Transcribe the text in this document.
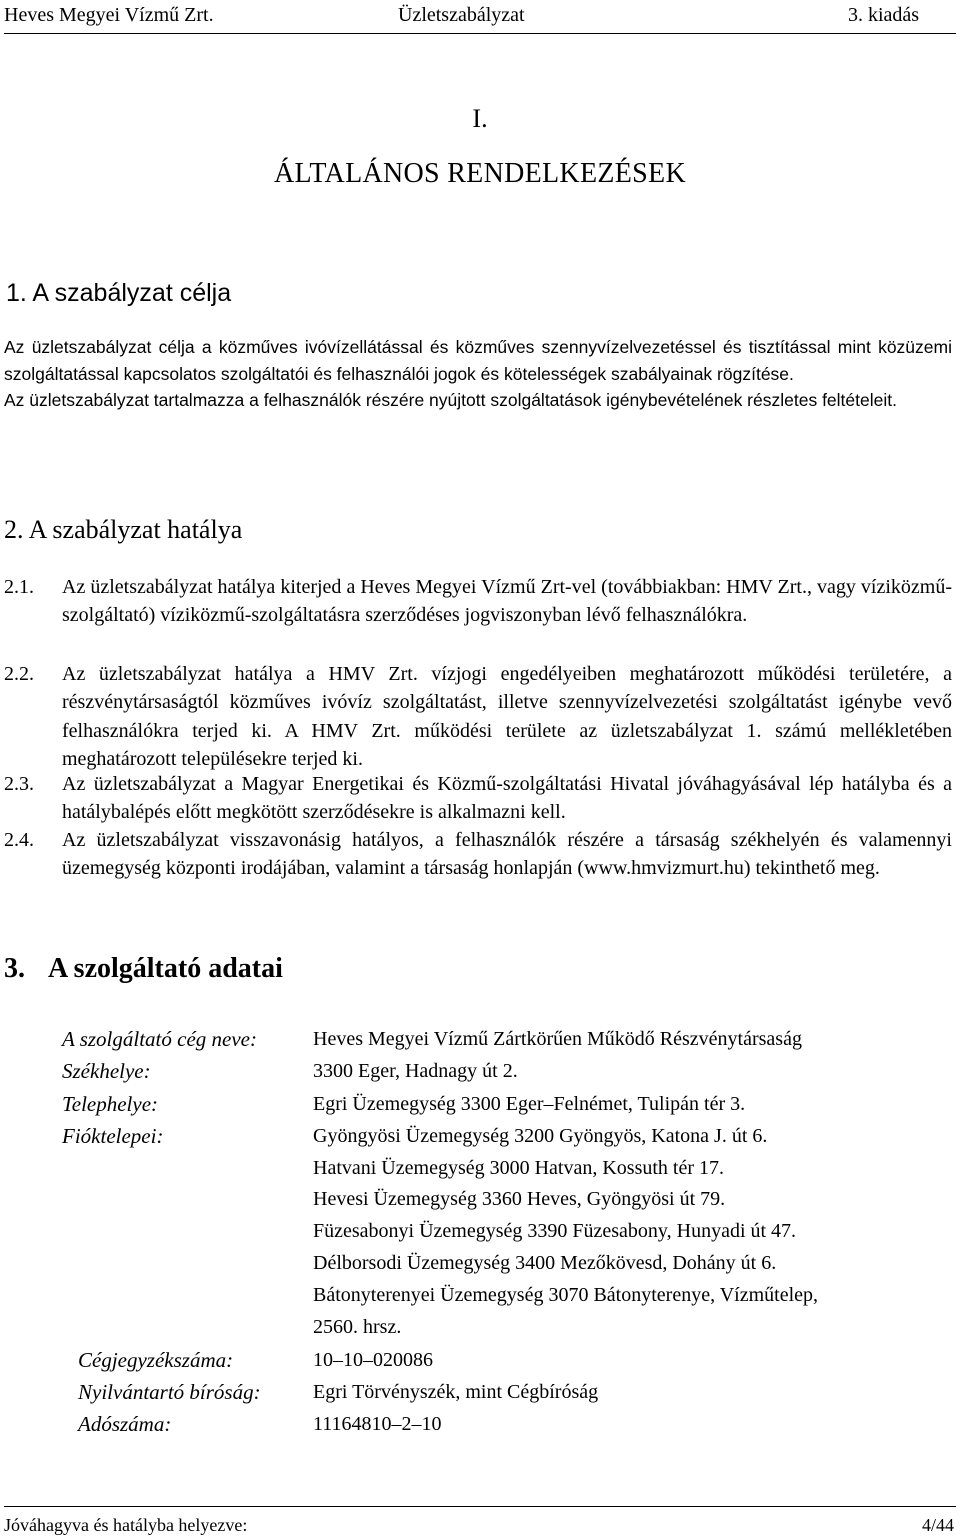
Heves Megyei Vízmű Zrt.	Üzletszabályzat	3. kiadás
I.
ÁLTALÁNOS RENDELKEZÉSEK
1. A szabályzat célja

Az üzletszabályzat célja a közműves ivóvízellátással és közműves szennyvízelvezetéssel és tisztítással mint közüzemi szolgáltatással kapcsolatos szolgáltatói és felhasználói jogok és kötelességek szabályainak rögzítése.

Az üzletszabályzat tartalmazza a felhasználók részére nyújtott szolgáltatások igénybevételének részletes feltételeit.

2. A szabályzat hatálya
2.1. Az üzletszabályzat hatálya kiterjed a Heves Megyei Vízmű Zrt-vel (továbbiakban: HMV Zrt., vagy víziközmű-szolgáltató) víziközmű-szolgáltatásra szerződéses jogviszonyban lévő felhasználókra.

2.2. Az üzletszabályzat hatálya a HMV Zrt. vízjogi engedélyeiben meghatározott működési területére, a részvénytársaságtól közműves ivóvíz szolgáltatást, illetve szennyvízelvezetési szolgáltatást igénybe vevő felhasználókra terjed ki. A HMV Zrt. működési területe az üzletszabályzat 1. számú mellékletében meghatározott településekre terjed ki.

2.3. Az üzletszabályzat a Magyar Energetikai és Közmű-szolgáltatási Hivatal jóváhagyásával lép hatályba és a hatálybalépés előtt megkötött szerződésekre is alkalmazni kell.

2.4. Az üzletszabályzat visszavonásig hatályos, a felhasználók részére a társaság székhelyén és valamennyi üzemegység központi irodájában, valamint a társaság honlapján (www.hmvizmurt.hu) tekinthető meg.

3. A szolgáltató adatai
A szolgáltató cég neve:	Heves Megyei Vízmű Zártkörűen Működő Részvénytársaság
Székhelye:	3300 Eger, Hadnagy út 2.
Telephelye:	Egri Üzemegység 3300 Eger–Felnémet, Tulipán tér 3.
Fióktelepei:	Gyöngyösi Üzemegység 3200 Gyöngyös, Katona J. út 6.
Hatvani Üzemegység 3000 Hatvan, Kossuth tér 17.
Hevesi Üzemegység 3360 Heves, Gyöngyösi út 79.
Füzesabonyi Üzemegység 3390 Füzesabony, Hunyadi út 47.
Délborsodi Üzemegység 3400 Mezőkövesd, Dohány út 6.
Bátonyterenyei Üzemegység 3070 Bátonyterenye, Vízműtelep,
2560. hrsz.
Cégjegyzékszáma:	10–10–020086
Nyilvántartó bíróság:	Egri Törvényszék, mint Cégbíróság
Adószáma:	11164810–2–10
Jóváhagyva és hatályba helyezve:	4/44
